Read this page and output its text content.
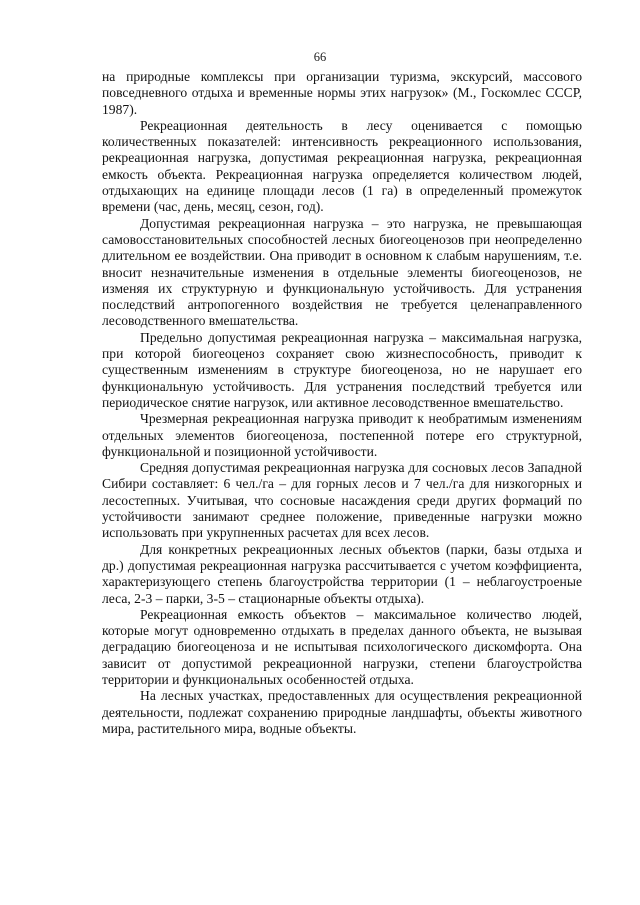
66

на природные комплексы при организации туризма, экскурсий, массового повседневного отдыха и временные нормы этих нагрузок» (М., Госкомлес СССР, 1987).

Рекреационная деятельность в лесу оценивается с помощью количественных показателей: интенсивность рекреационного использования, рекреационная нагрузка, допустимая рекреационная нагрузка, рекреационная емкость объекта. Рекреационная нагрузка определяется количеством людей, отдыхающих на единице площади лесов (1 га) в определенный промежуток времени (час, день, месяц, сезон, год).

Допустимая рекреационная нагрузка – это нагрузка, не превышающая самовосстановительных способностей лесных биогеоценозов при неопределенно длительном ее воздействии. Она приводит в основном к слабым нарушениям, т.е. вносит незначительные изменения в отдельные элементы биогеоценозов, не изменяя их структурную и функциональную устойчивость. Для устранения последствий антропогенного воздействия не требуется целенаправленного лесоводственного вмешательства.

Предельно допустимая рекреационная нагрузка – максимальная нагрузка, при которой биогеоценоз сохраняет свою жизнеспособность, приводит к существенным изменениям в структуре биогеоценоза, но не нарушает его функциональную устойчивость. Для устранения последствий требуется или периодическое снятие нагрузок, или активное лесоводственное вмешательство.

Чрезмерная рекреационная нагрузка приводит к необратимым изменениям отдельных элементов биогеоценоза, постепенной потере его структурной, функциональной и позиционной устойчивости.

Средняя допустимая рекреационная нагрузка для сосновых лесов Западной Сибири составляет: 6 чел./га – для горных лесов и 7 чел./га для низкогорных и лесостепных. Учитывая, что сосновые насаждения среди других формаций по устойчивости занимают среднее положение, приведенные нагрузки можно использовать при укрупненных расчетах для всех лесов.

Для конкретных рекреационных лесных объектов (парки, базы отдыха и др.) допустимая рекреационная нагрузка рассчитывается с учетом коэффициента, характеризующего степень благоустройства территории (1 – неблагоустроеные леса, 2-3 – парки, 3-5 – стационарные объекты отдыха).

Рекреационная емкость объектов – максимальное количество людей, которые могут одновременно отдыхать в пределах данного объекта, не вызывая деградацию биогеоценоза и не испытывая психологического дискомфорта. Она зависит от допустимой рекреационной нагрузки, степени благоустройства территории и функциональных особенностей отдыха.

На лесных участках, предоставленных для осуществления рекреационной деятельности, подлежат сохранению природные ландшафты, объекты животного мира, растительного мира, водные объекты.
